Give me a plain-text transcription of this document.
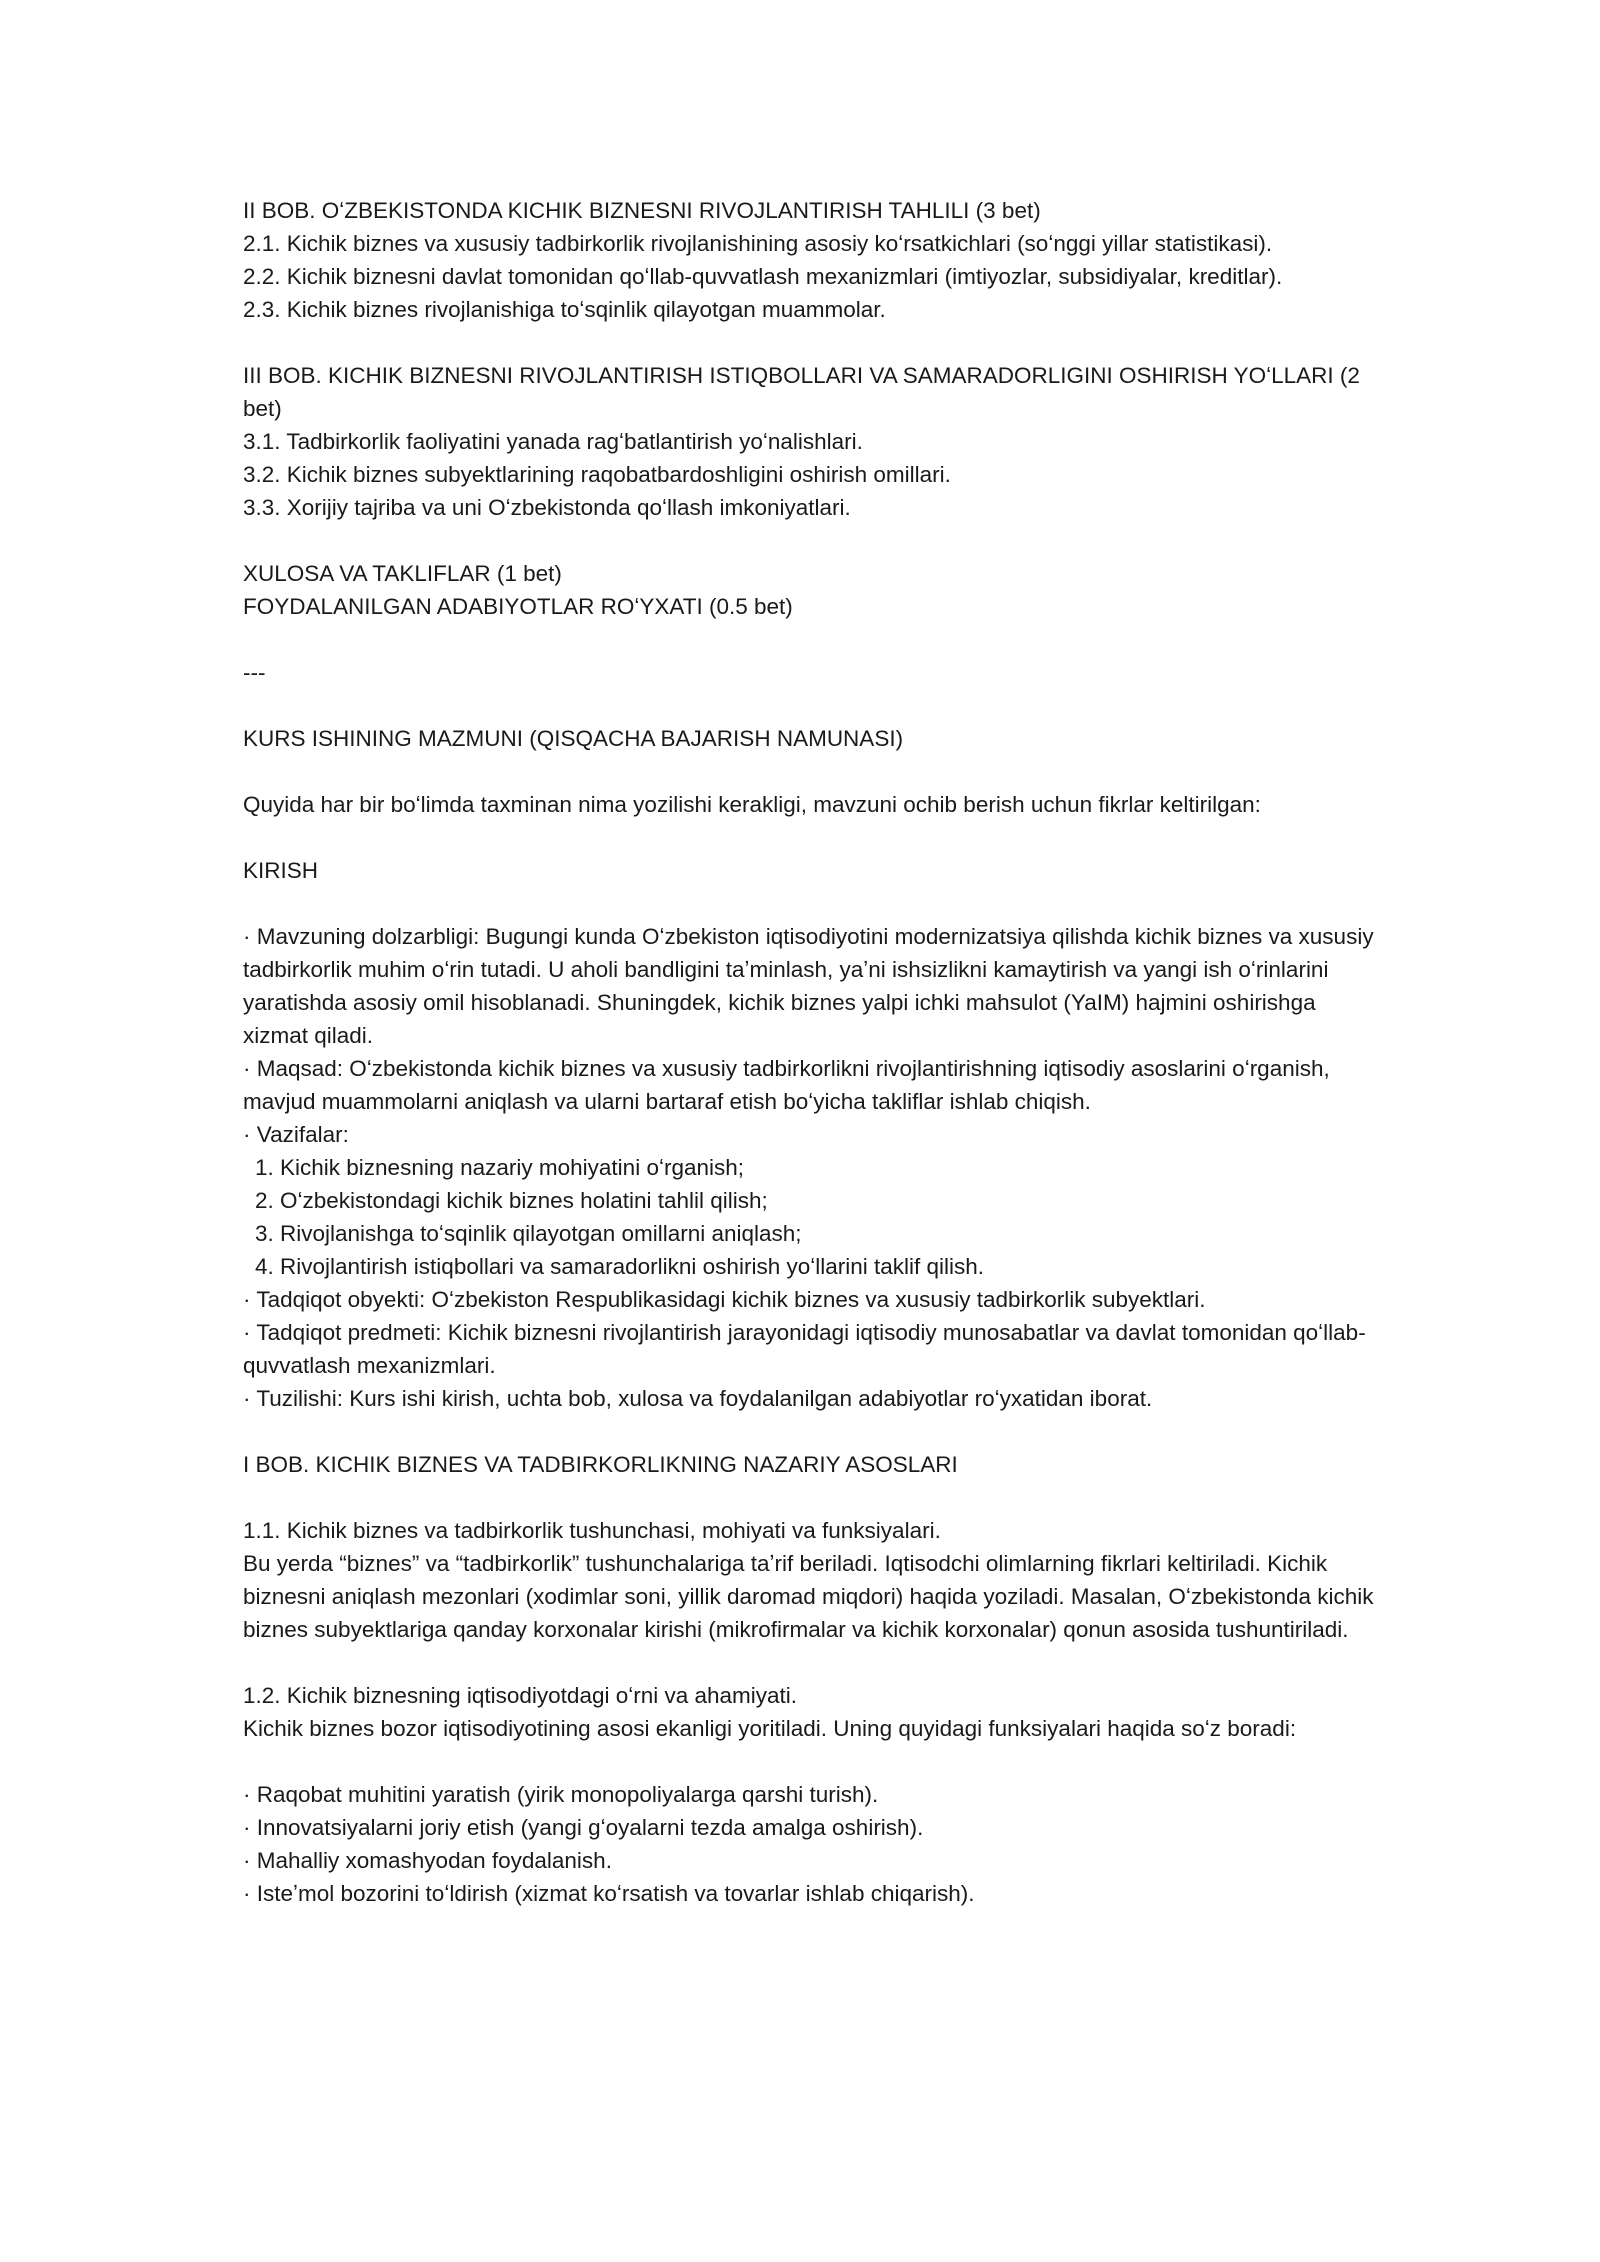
II BOB. OʻZBEKISTONDA KICHIK BIZNESNI RIVOJLANTIRISH TAHLILI (3 bet)
2.1. Kichik biznes va xususiy tadbirkorlik rivojlanishining asosiy koʻrsatkichlari (soʻnggi yillar statistikasi).
2.2. Kichik biznesni davlat tomonidan qoʻllab-quvvatlash mexanizmlari (imtiyozlar, subsidiyalar, kreditlar).
2.3. Kichik biznes rivojlanishiga toʻsqinlik qilayotgan muammolar.
III BOB. KICHIK BIZNESNI RIVOJLANTIRISH ISTIQBOLLARI VA SAMARADORLIGINI OSHIRISH YOʻLLARI (2 bet)
3.1. Tadbirkorlik faoliyatini yanada ragʻbatlantirish yoʻnalishlari.
3.2. Kichik biznes subyektlarining raqobatbardoshligini oshirish omillari.
3.3. Xorijiy tajriba va uni Oʻzbekistonda qoʻllash imkoniyatlari.
XULOSA VA TAKLIFLAR (1 bet)
FOYDALANILGAN ADABIYOTLAR ROʻYXATI (0.5 bet)
---
KURS ISHINING MAZMUNI (QISQACHA BAJARISH NAMUNASI)
Quyida har bir boʻlimda taxminan nima yozilishi kerakligi, mavzuni ochib berish uchun fikrlar keltirilgan:
KIRISH
· Mavzuning dolzarbligi: Bugungi kunda Oʻzbekiston iqtisodiyotini modernizatsiya qilishda kichik biznes va xususiy tadbirkorlik muhim oʻrin tutadi. U aholi bandligini taʼminlash, yaʼni ishsizlikni kamaytirish va yangi ish oʻrinlarini yaratishda asosiy omil hisoblanadi. Shuningdek, kichik biznes yalpi ichki mahsulot (YaIM) hajmini oshirishga xizmat qiladi.
· Maqsad: Oʻzbekistonda kichik biznes va xususiy tadbirkorlikni rivojlantirishning iqtisodiy asoslarini oʻrganish, mavjud muammolarni aniqlash va ularni bartaraf etish boʻyicha takliflar ishlab chiqish.
· Vazifalar:
1. Kichik biznesning nazariy mohiyatini oʻrganish;
2. Oʻzbekistondagi kichik biznes holatini tahlil qilish;
3. Rivojlanishga toʻsqinlik qilayotgan omillarni aniqlash;
4. Rivojlantirish istiqbollari va samaradorlikni oshirish yoʻllarini taklif qilish.
· Tadqiqot obyekti: Oʻzbekiston Respublikasidagi kichik biznes va xususiy tadbirkorlik subyektlari.
· Tadqiqot predmeti: Kichik biznesni rivojlantirish jarayonidagi iqtisodiy munosabatlar va davlat tomonidan qoʻllab-quvvatlash mexanizmlari.
· Tuzilishi: Kurs ishi kirish, uchta bob, xulosa va foydalanilgan adabiyotlar roʻyxatidan iborat.
I BOB. KICHIK BIZNES VA TADBIRKORLIKNING NAZARIY ASOSLARI
1.1. Kichik biznes va tadbirkorlik tushunchasi, mohiyati va funksiyalari.
Bu yerda “biznes” va “tadbirkorlik” tushunchalariga taʼrif beriladi. Iqtisodchi olimlarning fikrlari keltiriladi. Kichik biznesni aniqlash mezonlari (xodimlar soni, yillik daromad miqdori) haqida yoziladi. Masalan, Oʻzbekistonda kichik biznes subyektlariga qanday korxonalar kirishi (mikrofirmalar va kichik korxonalar) qonun asosida tushuntiriladi.
1.2. Kichik biznesning iqtisodiyotdagi oʻrni va ahamiyati.
Kichik biznes bozor iqtisodiyotining asosi ekanligi yoritiladi. Uning quyidagi funksiyalari haqida soʻz boradi:
· Raqobat muhitini yaratish (yirik monopoliyalarga qarshi turish).
· Innovatsiyalarni joriy etish (yangi gʻoyalarni tezda amalga oshirish).
· Mahalliy xomashyodan foydalanish.
· Isteʼmol bozorini toʻldirish (xizmat koʻrsatish va tovarlar ishlab chiqarish).
